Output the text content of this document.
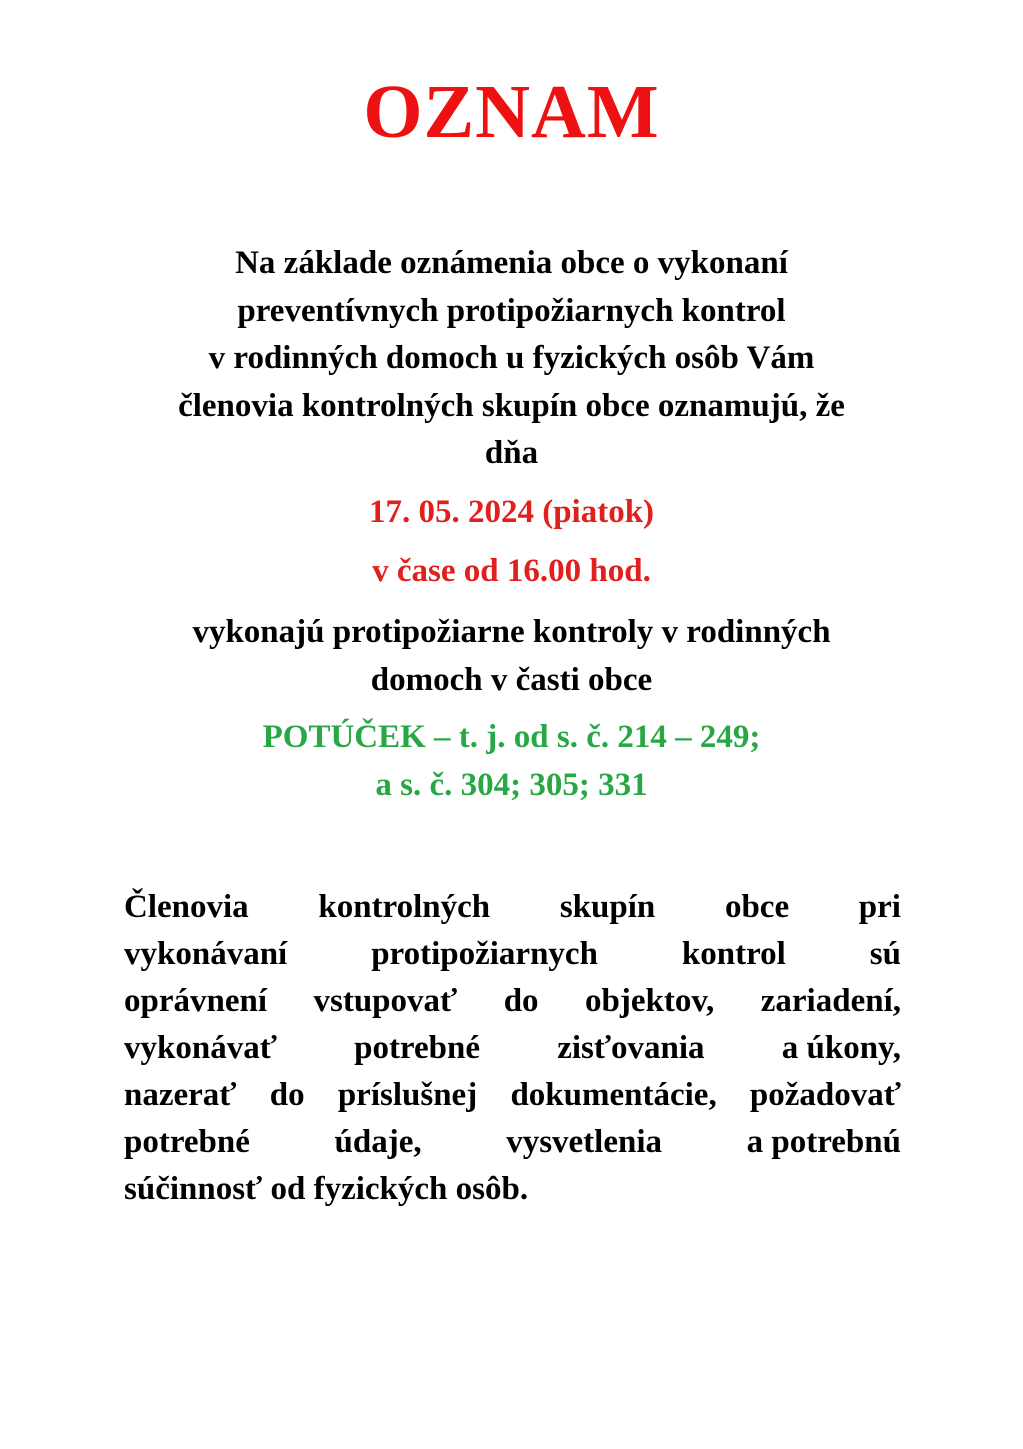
OZNAM
Na základe oznámenia obce o vykonaní
preventívnych protipožiarnych kontrol
v rodinných domoch u fyzických osôb Vám
členovia kontrolných skupín obce oznamujú, že
dňa
17. 05. 2024 (piatok)
v čase od 16.00 hod.
vykonajú protipožiarne kontroly v rodinných
domoch v časti obce
POTÚČEK – t. j. od s. č. 214 – 249;
a s. č. 304; 305; 331
Členovia kontrolných skupín obce pri
vykonávaní	protipožiarnych	kontrol	sú
oprávnení vstupovať do objektov, zariadení,
vykonávať potrebné zisťovania a úkony,
nazerať do príslušnej dokumentácie, požadovať
potrebné	údaje,	vysvetlenia	a potrebnú
súčinnosť od fyzických osôb.
